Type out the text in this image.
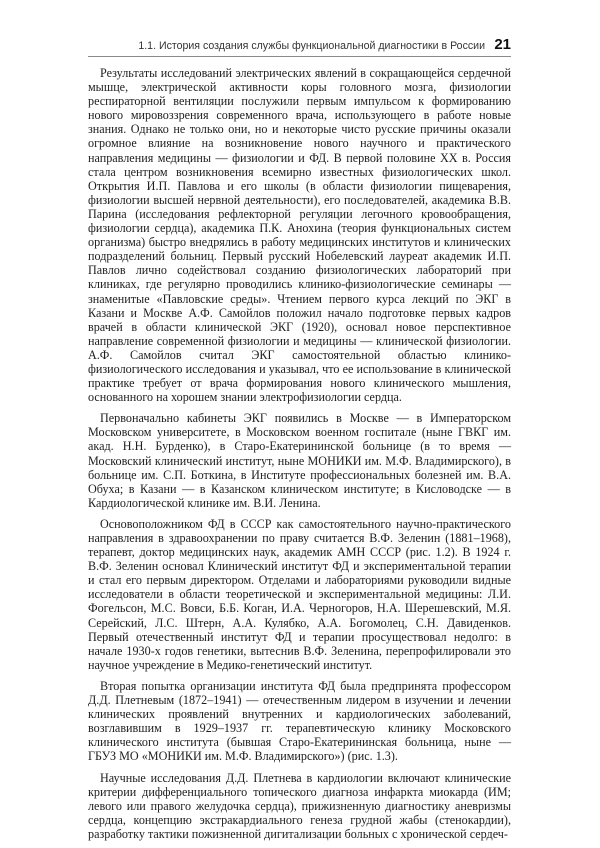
1.1. История создания службы функциональной диагностики в России 21

Результаты исследований электрических явлений в сокращающейся сердечной мышце, электрической активности коры головного мозга, физиологии респираторной вентиляции послужили первым импульсом к формированию нового мировоззрения современного врача, использующего в работе новые знания. Однако не только они, но и некоторые чисто русские причины оказали огромное влияние на возникновение нового научного и практического направления медицины — физиологии и ФД. В первой половине XX в. Россия стала центром возникновения всемирно известных физиологических школ. Открытия И.П. Павлова и его школы (в области физиологии пищеварения, физиологии высшей нервной деятельности), его последователей, академика В.В. Парина (исследования рефлекторной регуляции легочного кровообращения, физиологии сердца), академика П.К. Анохина (теория функциональных систем организма) быстро внедрялись в работу медицинских институтов и клинических подразделений больниц. Первый русский Нобелевский лауреат академик И.П. Павлов лично содействовал созданию физиологических лабораторий при клиниках, где регулярно проводились клинико-физиологические семинары — знаменитые «Павловские среды». Чтением первого курса лекций по ЭКГ в Казани и Москве А.Ф. Самойлов положил начало подготовке первых кадров врачей в области клинической ЭКГ (1920), основал новое перспективное направление современной физиологии и медицины — клинической физиологии. А.Ф. Самойлов считал ЭКГ самостоятельной областью клинико-физиологического исследования и указывал, что ее использование в клинической практике требует от врача формирования нового клинического мышления, основанного на хорошем знании электрофизиологии сердца.

Первоначально кабинеты ЭКГ появились в Москве — в Императорском Московском университете, в Московском военном госпитале (ныне ГВКГ им. акад. Н.Н. Бурденко), в Старо-Екатерининской больнице (в то время — Московский клинический институт, ныне МОНИКИ им. М.Ф. Владимирского), в больнице им. С.П. Боткина, в Институте профессиональных болезней им. В.А. Обуха; в Казани — в Казанском клиническом институте; в Кисловодске — в Кардиологической клинике им. В.И. Ленина.

Основоположником ФД в СССР как самостоятельного научно-практического направления в здравоохранении по праву считается В.Ф. Зеленин (1881–1968), терапевт, доктор медицинских наук, академик АМН СССР (рис. 1.2). В 1924 г. В.Ф. Зеленин основал Клинический институт ФД и экспериментальной терапии и стал его первым директором. Отделами и лабораториями руководили видные исследователи в области теоретической и экспериментальной медицины: Л.И. Фогельсон, М.С. Вовси, Б.Б. Коган, И.А. Черногоров, Н.А. Шерешевский, М.Я. Серейский, Л.С. Штерн, А.А. Кулябко, А.А. Богомолец, С.Н. Давиденков. Первый отечественный институт ФД и терапии просуществовал недолго: в начале 1930-х годов генетики, вытеснив В.Ф. Зеленина, перепрофилировали это научное учреждение в Медико-генетический институт.

Вторая попытка организации института ФД была предпринята профессором Д.Д. Плетневым (1872–1941) — отечественным лидером в изучении и лечении клинических проявлений внутренних и кардиологических заболеваний, возглавившим в 1929–1937 гг. терапевтическую клинику Московского клинического института (бывшая Старо-Екатерининская больница, ныне — ГБУЗ МО «МОНИКИ им. М.Ф. Владимирского») (рис. 1.3).

Научные исследования Д.Д. Плетнева в кардиологии включают клинические критерии дифференциального топического диагноза инфаркта миокарда (ИМ; левого или правого желудочка сердца), прижизненную диагностику аневризмы сердца, концепцию экстракардиального генеза грудной жабы (стенокардии), разработку тактики пожизненной дигитализации больных с хронической сердеч-
